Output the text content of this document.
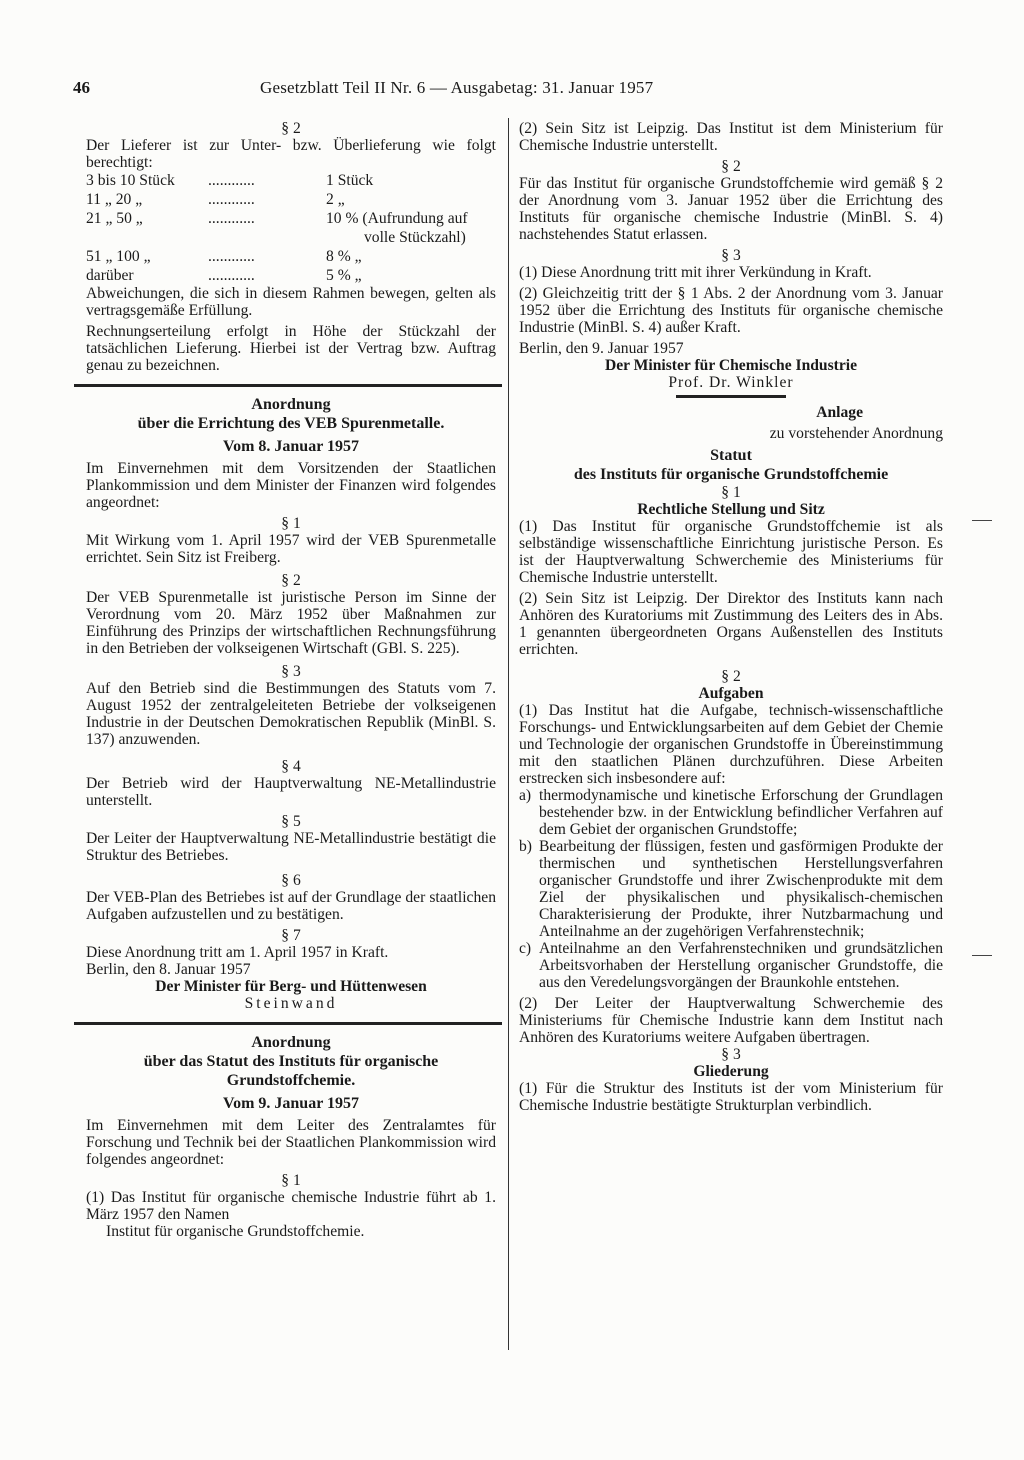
46	Gesetzblatt Teil II Nr. 6 — Ausgabetag: 31. Januar 1957
§ 2
Der Lieferer ist zur Unter- bzw. Überlieferung wie folgt berechtigt:
3 bis 10 Stück	............	1 Stück
11 „ 20 „	............	2 „
21 „ 50 „	............	10 % (Aufrundung auf
volle Stückzahl)
51 „ 100 „	............	8 % „
darüber	............	5 % „
Abweichungen, die sich in diesem Rahmen bewegen, gelten als vertragsgemäße Erfüllung.
Rechnungserteilung erfolgt in Höhe der Stückzahl der tatsächlichen Lieferung. Hierbei ist der Vertrag bzw. Auftrag genau zu bezeichnen.
Anordnung
über die Errichtung des VEB Spurenmetalle.
Vom 8. Januar 1957
Im Einvernehmen mit dem Vorsitzenden der Staatlichen Plankommission und dem Minister der Finanzen wird folgendes angeordnet:
§ 1
Mit Wirkung vom 1. April 1957 wird der VEB Spurenmetalle errichtet. Sein Sitz ist Freiberg.
§ 2
Der VEB Spurenmetalle ist juristische Person im Sinne der Verordnung vom 20. März 1952 über Maßnahmen zur Einführung des Prinzips der wirtschaftlichen Rechnungsführung in den Betrieben der volkseigenen Wirtschaft (GBl. S. 225).
§ 3
Auf den Betrieb sind die Bestimmungen des Statuts vom 7. August 1952 der zentralgeleiteten Betriebe der volkseigenen Industrie in der Deutschen Demokratischen Republik (MinBl. S. 137) anzuwenden.
§ 4
Der Betrieb wird der Hauptverwaltung NE-Metallindustrie unterstellt.
§ 5
Der Leiter der Hauptverwaltung NE-Metallindustrie bestätigt die Struktur des Betriebes.
§ 6
Der VEB-Plan des Betriebes ist auf der Grundlage der staatlichen Aufgaben aufzustellen und zu bestätigen.
§ 7
Diese Anordnung tritt am 1. April 1957 in Kraft.
Berlin, den 8. Januar 1957
Der Minister für Berg- und Hüttenwesen
Steinwand
Anordnung
über das Statut des Instituts für organische
Grundstoffchemie.
Vom 9. Januar 1957
Im Einvernehmen mit dem Leiter des Zentralamtes für Forschung und Technik bei der Staatlichen Plankommission wird folgendes angeordnet:
§ 1
(1) Das Institut für organische chemische Industrie führt ab 1. März 1957 den Namen
Institut für organische Grundstoffchemie.
(2) Sein Sitz ist Leipzig. Das Institut ist dem Ministerium für Chemische Industrie unterstellt.
§ 2
Für das Institut für organische Grundstoffchemie wird gemäß § 2 der Anordnung vom 3. Januar 1952 über die Errichtung des Instituts für organische chemische Industrie (MinBl. S. 4) nachstehendes Statut erlassen.
§ 3
(1) Diese Anordnung tritt mit ihrer Verkündung in Kraft.
(2) Gleichzeitig tritt der § 1 Abs. 2 der Anordnung vom 3. Januar 1952 über die Errichtung des Instituts für organische chemische Industrie (MinBl. S. 4) außer Kraft.
Berlin, den 9. Januar 1957
Der Minister für Chemische Industrie
Prof. Dr. Winkler
Anlage
zu vorstehender Anordnung
Statut
des Instituts für organische Grundstoffchemie
§ 1
Rechtliche Stellung und Sitz
(1) Das Institut für organische Grundstoffchemie ist als selbständige wissenschaftliche Einrichtung juristische Person. Es ist der Hauptverwaltung Schwerchemie des Ministeriums für Chemische Industrie unterstellt.
(2) Sein Sitz ist Leipzig. Der Direktor des Instituts kann nach Anhören des Kuratoriums mit Zustimmung des Leiters des in Abs. 1 genannten übergeordneten Organs Außenstellen des Instituts errichten.
§ 2
Aufgaben
(1) Das Institut hat die Aufgabe, technisch-wissenschaftliche Forschungs- und Entwicklungsarbeiten auf dem Gebiet der Chemie und Technologie der organischen Grundstoffe in Übereinstimmung mit den staatlichen Plänen durchzuführen. Diese Arbeiten erstrecken sich insbesondere auf:
a) thermodynamische und kinetische Erforschung der Grundlagen bestehender bzw. in der Entwicklung befindlicher Verfahren auf dem Gebiet der organischen Grundstoffe;
b) Bearbeitung der flüssigen, festen und gasförmigen Produkte der thermischen und synthetischen Herstellungsverfahren organischer Grundstoffe und ihrer Zwischenprodukte mit dem Ziel der physikalischen und physikalisch-chemischen Charakterisierung der Produkte, ihrer Nutzbarmachung und Anteilnahme an der zugehörigen Verfahrenstechnik;
c) Anteilnahme an den Verfahrenstechniken und grundsätzlichen Arbeitsvorhaben der Herstellung organischer Grundstoffe, die aus den Veredelungsvorgängen der Braunkohle entstehen.
(2) Der Leiter der Hauptverwaltung Schwerchemie des Ministeriums für Chemische Industrie kann dem Institut nach Anhören des Kuratoriums weitere Aufgaben übertragen.
§ 3
Gliederung
(1) Für die Struktur des Instituts ist der vom Ministerium für Chemische Industrie bestätigte Strukturplan verbindlich.
